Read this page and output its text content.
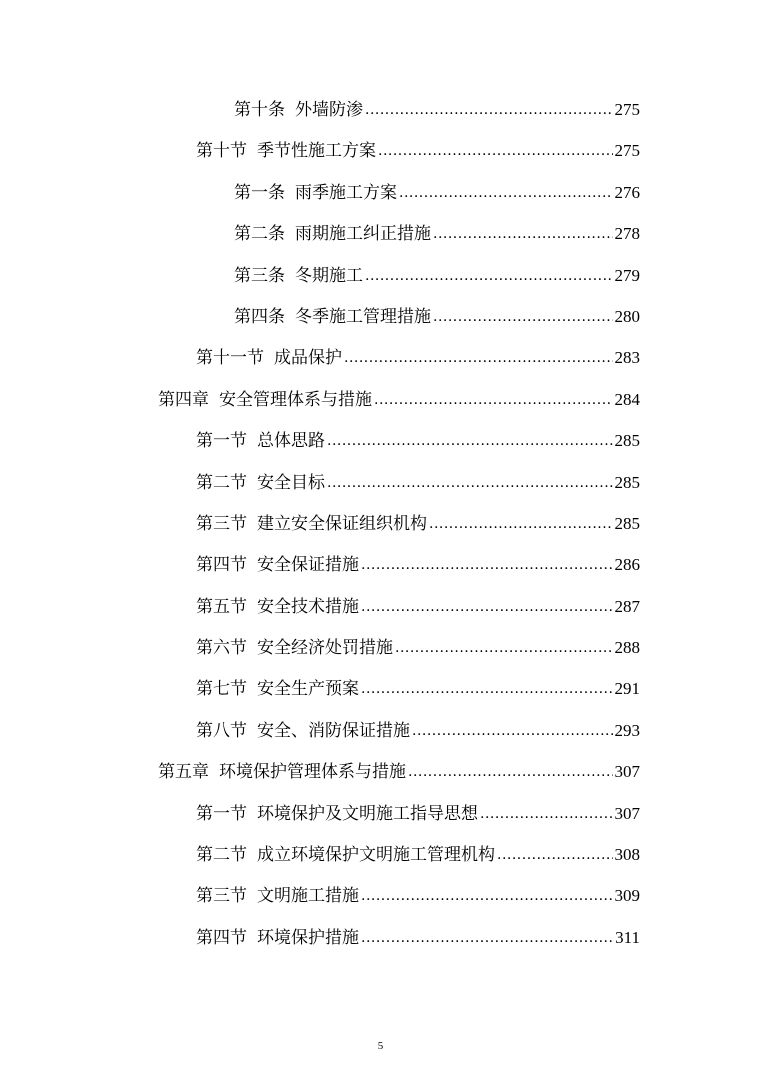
第十条 外墙防渗 .....	275
第十节 季节性施工方案 .....	275
第一条 雨季施工方案 .....	276
第二条 雨期施工纠正措施 .....	278
第三条 冬期施工 .....	279
第四条 冬季施工管理措施 .....	280
第十一节 成品保护 .....	283
第四章 安全管理体系与措施 .....	284
第一节 总体思路 .....	285
第二节 安全目标 .....	285
第三节 建立安全保证组织机构 .....	285
第四节 安全保证措施 .....	286
第五节 安全技术措施 .....	287
第六节 安全经济处罚措施 .....	288
第七节 安全生产预案 .....	291
第八节 安全、消防保证措施 .....	293
第五章 环境保护管理体系与措施 .....	307
第一节 环境保护及文明施工指导思想 .....	307
第二节 成立环境保护文明施工管理机构 .....	308
第三节 文明施工措施 .....	309
第四节 环境保护措施 .....	311
5
